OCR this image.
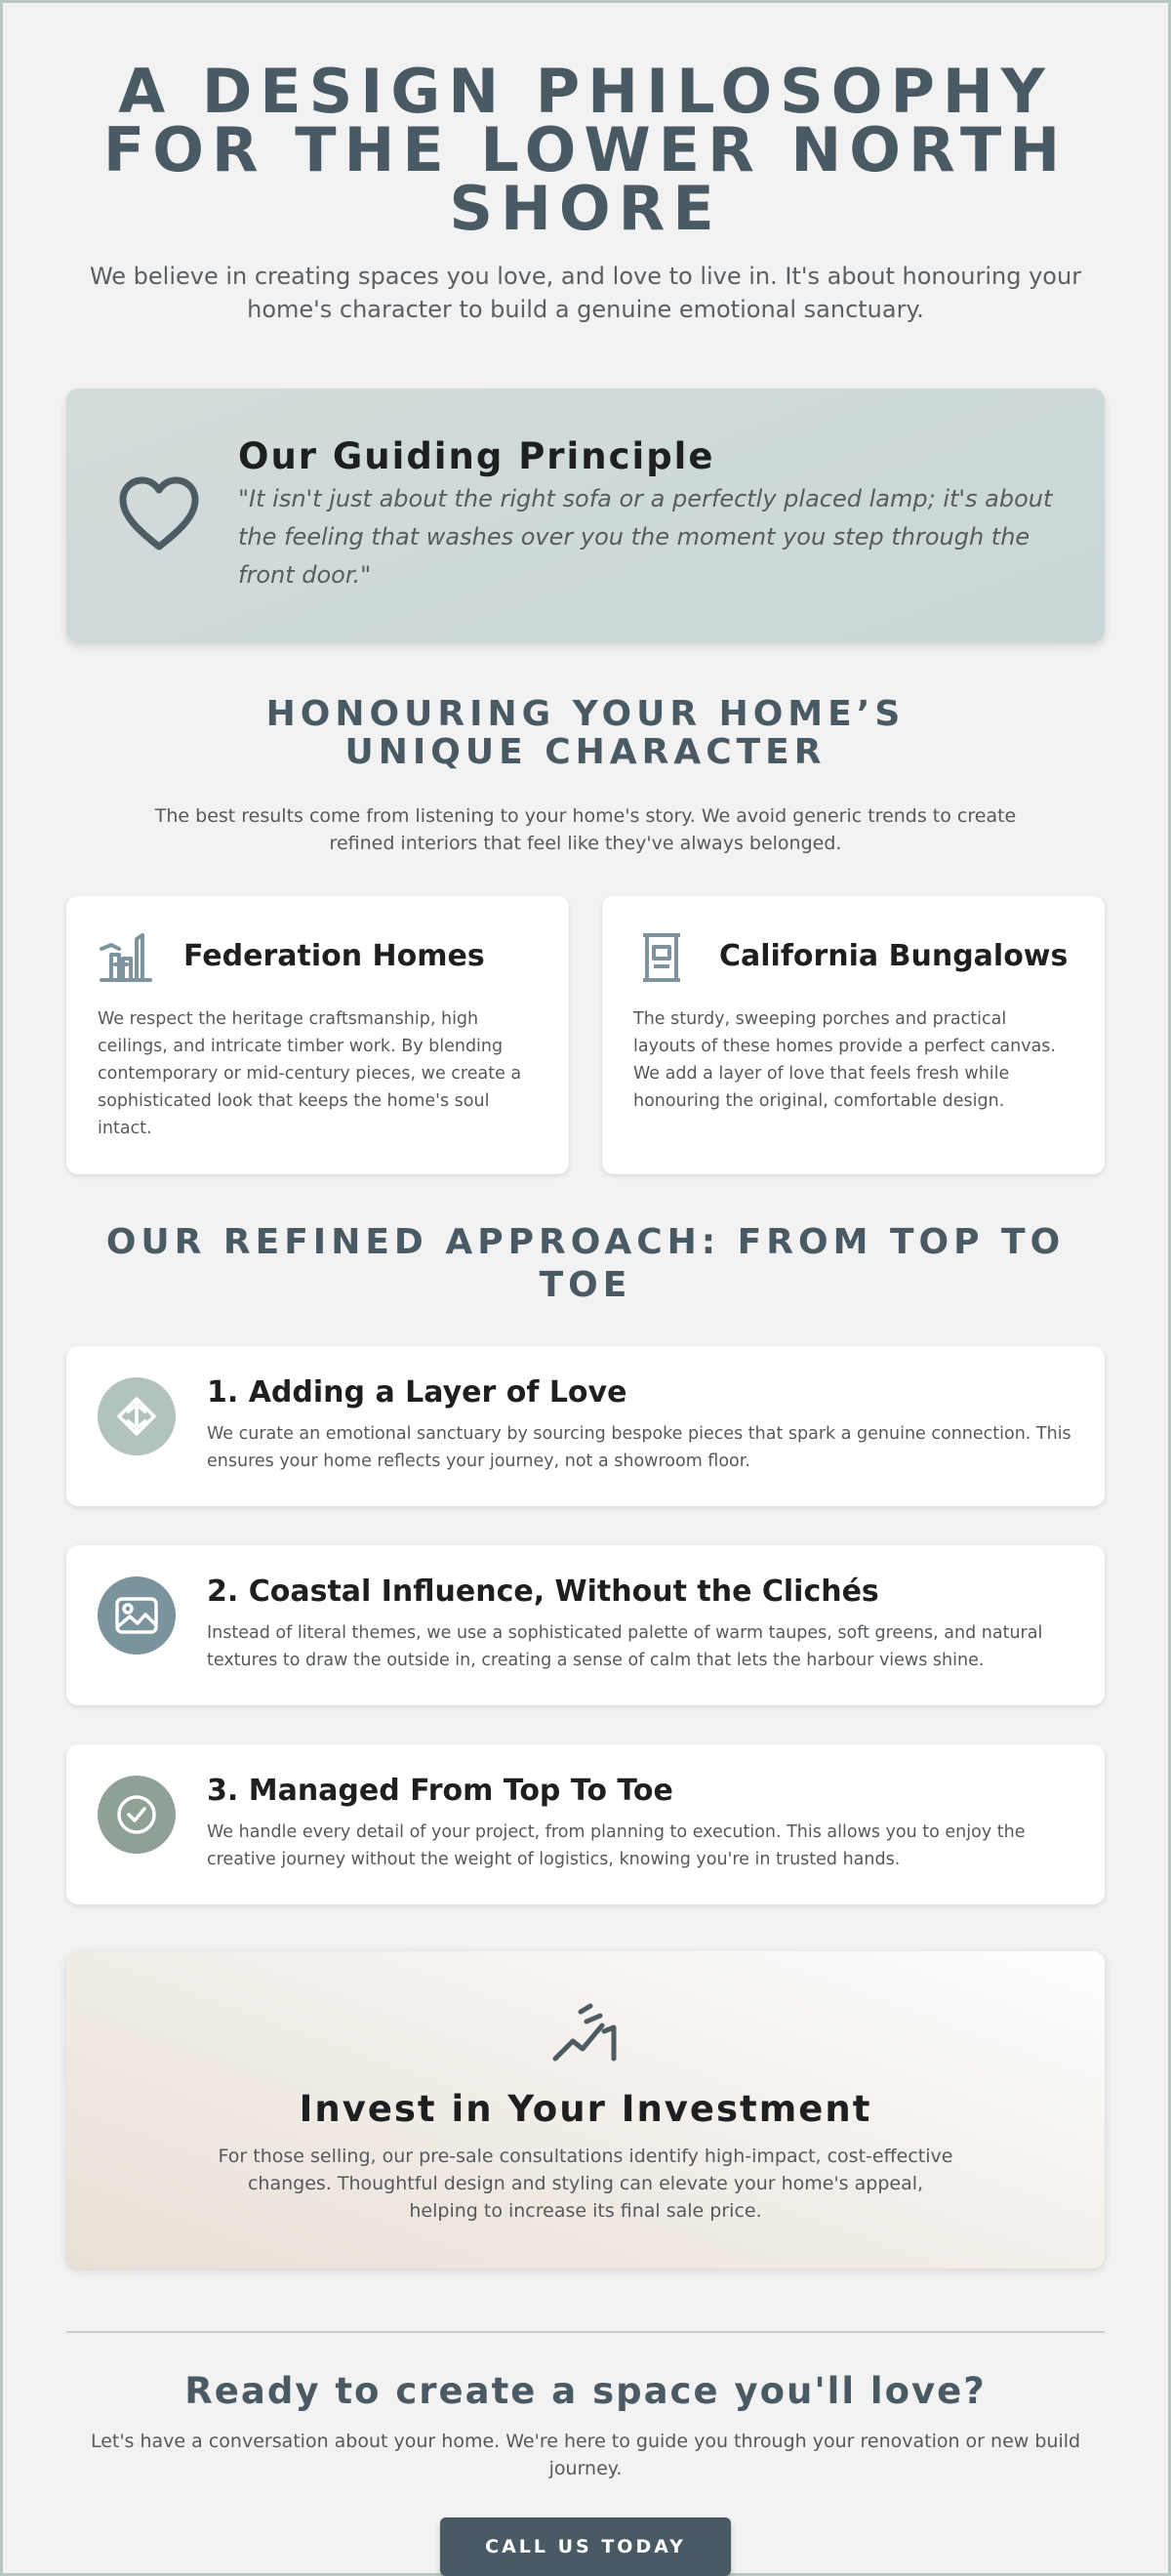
A DESIGN PHILOSOPHY FOR THE LOWER NORTH SHORE

We believe in creating spaces you love, and love to live in. It's about honouring your home's character to build a genuine emotional sanctuary.

Our Guiding Principle

"It isn't just about the right sofa or a perfectly placed lamp; it's about the feeling that washes over you the moment you step through the front door."

HONOURING YOUR HOME’S UNIQUE CHARACTER

The best results come from listening to your home's story. We avoid generic trends to create refined interiors that feel like they've always belonged.

Federation Homes

We respect the heritage craftsmanship, high ceilings, and intricate timber work. By blending contemporary or mid-century pieces, we create a sophisticated look that keeps the home's soul intact.

California Bungalows

The sturdy, sweeping porches and practical layouts of these homes provide a perfect canvas. We add a layer of love that feels fresh while honouring the original, comfortable design.

OUR REFINED APPROACH: FROM TOP TO TOE
1. Adding a Layer of Love

We curate an emotional sanctuary by sourcing bespoke pieces that spark a genuine connection. This ensures your home reflects your journey, not a showroom floor.

2. Coastal Influence, Without the Clichés

Instead of literal themes, we use a sophisticated palette of warm taupes, soft greens, and natural textures to draw the outside in, creating a sense of calm that lets the harbour views shine.

3. Managed From Top To Toe

We handle every detail of your project, from planning to execution. This allows you to enjoy the creative journey without the weight of logistics, knowing you're in trusted hands.

Invest in Your Investment

For those selling, our pre-sale consultations identify high-impact, cost-effective changes. Thoughtful design and styling can elevate your home's appeal, helping to increase its final sale price.

Ready to create a space you'll love?

Let's have a conversation about your home. We're here to guide you through your renovation or new build journey.

CALL US TODAY
